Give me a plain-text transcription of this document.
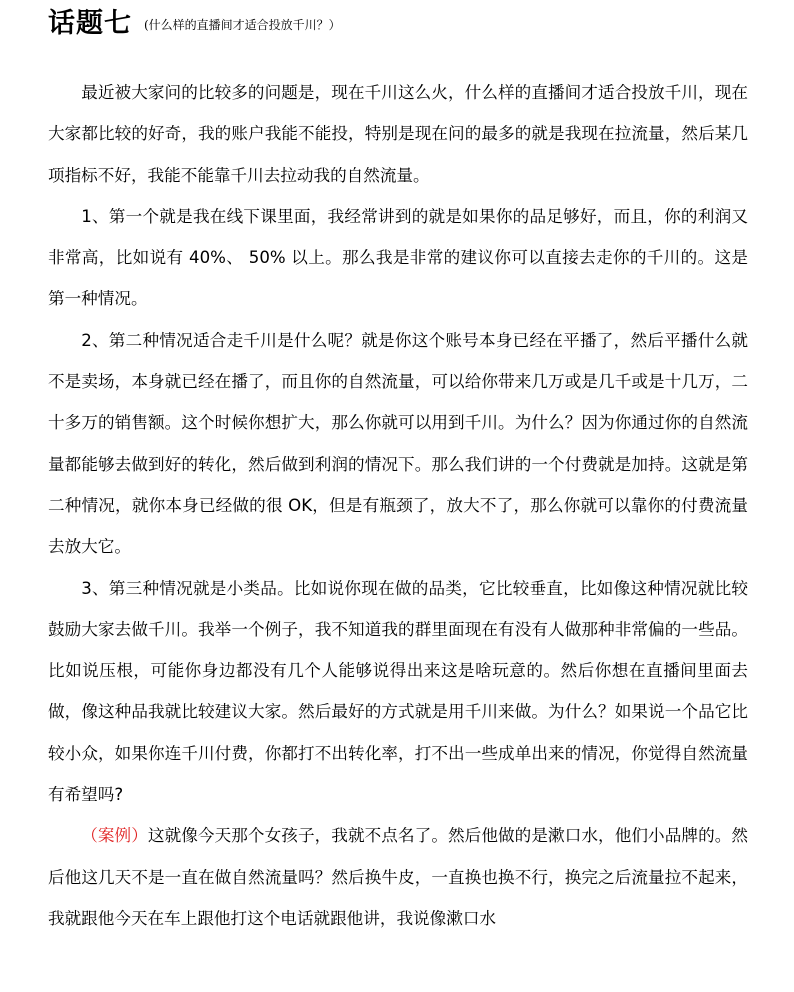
话题七 (什么样的直播间才适合投放千川？）

最近被大家问的比较多的问题是，现在千川这么火，什么样的直播间才适合投放千川，现在大家都比较的好奇，我的账户我能不能投，特别是现在问的最多的就是我现在拉流量，然后某几项指标不好，我能不能靠千川去拉动我的自然流量。

1、第一个就是我在线下课里面，我经常讲到的就是如果你的品足够好，而且，你的利润又非常高，比如说有 40%、 50% 以上。那么我是非常的建议你可以直接去走你的千川的。这是第一种情况。

2、第二种情况适合走千川是什么呢？就是你这个账号本身已经在平播了，然后平播什么就不是卖场，本身就已经在播了，而且你的自然流量，可以给你带来几万或是几千或是十几万，二十多万的销售额。这个时候你想扩大，那么你就可以用到千川。为什么？因为你通过你的自然流量都能够去做到好的转化，然后做到利润的情况下。那么我们讲的一个付费就是加持。这就是第二种情况，就你本身已经做的很 OK，但是有瓶颈了，放大不了，那么你就可以靠你的付费流量去放大它。

3、第三种情况就是小类品。比如说你现在做的品类，它比较垂直，比如像这种情况就比较鼓励大家去做千川。我举一个例子，我不知道我的群里面现在有没有人做那种非常偏的一些品。比如说压根，可能你身边都没有几个人能够说得出来这是啥玩意的。然后你想在直播间里面去做，像这种品我就比较建议大家。然后最好的方式就是用千川来做。为什么？如果说一个品它比较小众，如果你连千川付费，你都打不出转化率，打不出一些成单出来的情况，你觉得自然流量有希望吗?

（案例）这就像今天那个女孩子，我就不点名了。然后他做的是漱口水，他们小品牌的。然后他这几天不是一直在做自然流量吗？然后换牛皮，一直换也换不行，换完之后流量拉不起来，我就跟他今天在车上跟他打这个电话就跟他讲，我说像漱口水
